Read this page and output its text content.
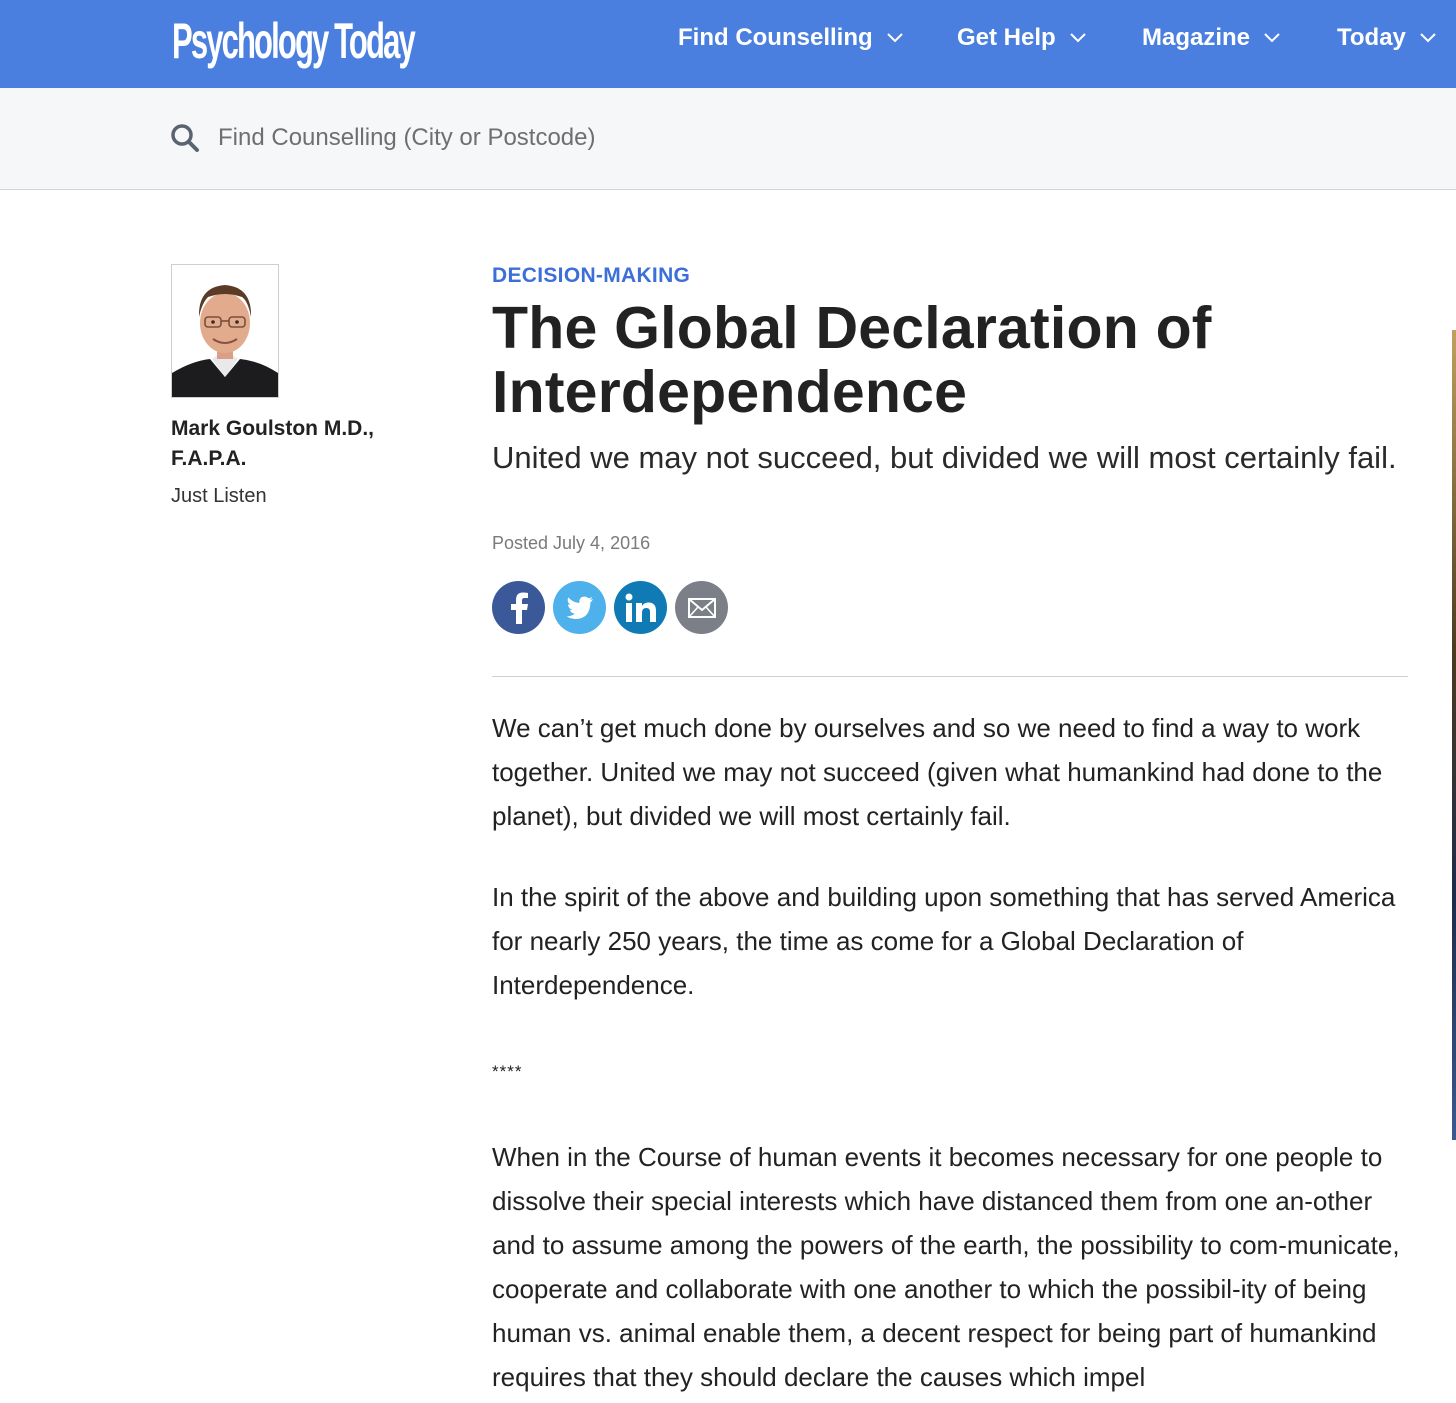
Psychology Today	Find Counselling	Get Help	Magazine	Today
Find Counselling (City or Postcode)
Mark Goulston M.D., F.A.P.A.
Just Listen
DECISION-MAKING
The Global Declaration of Interdependence
United we may not succeed, but divided we will most certainly fail.
Posted July 4, 2016

We can’t get much done by ourselves and so we need to find a way to work together. United we may not succeed (given what humankind had done to the planet), but divided we will most certainly fail.

In the spirit of the above and building upon something that has served America for nearly 250 years, the time as come for a Global Declaration of Interdependence.

****

When in the Course of human events it becomes necessary for one people to dissolve their special interests which have distanced them from one an-other and to assume among the powers of the earth, the possibility to com-municate, cooperate and collaborate with one another to which the possibil-ity of being human vs. animal enable them, a decent respect for being part of humankind requires that they should declare the causes which impel
